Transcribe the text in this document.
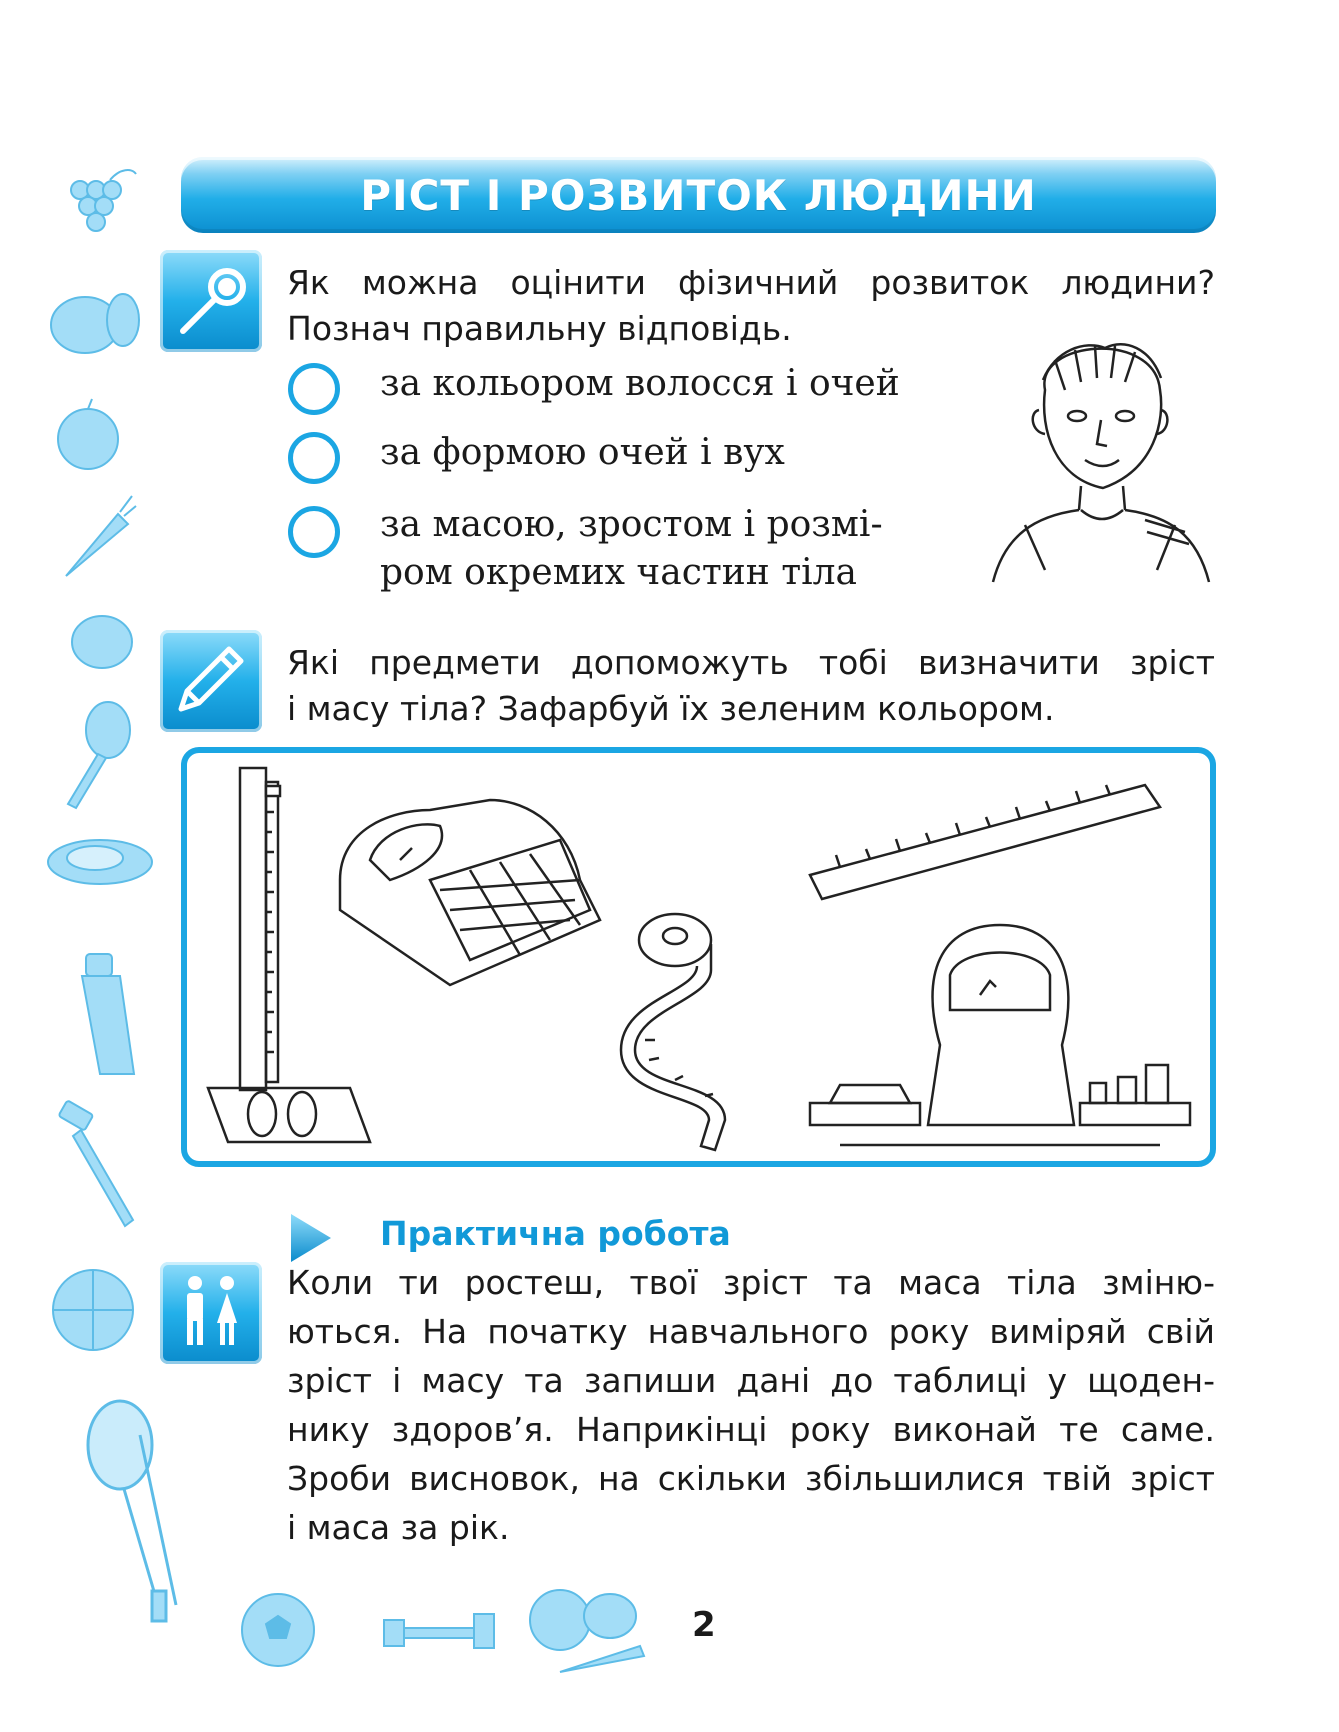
РІСТ І РОЗВИТОК ЛЮДИНИ
Як можна оцінити фізичний розвиток людини?
Познач правильну відповідь.
за кольором волосся і очей
за формою очей і вух
за масою, зростом і розмі-
ром окремих частин тіла
Які предмети допоможуть тобі визначити зріст
і масу тіла? Зафарбуй їх зеленим кольором.
Практична робота
Коли ти ростеш, твої зріст та маса тіла зміню-
ються. На початку навчального року виміряй свій
зріст і масу та запиши дані до таблиці у щоден-
нику здоров’я. Наприкінці року виконай те саме.
Зроби висновок, на скільки збільшилися твій зріст
і маса за рік.
2
